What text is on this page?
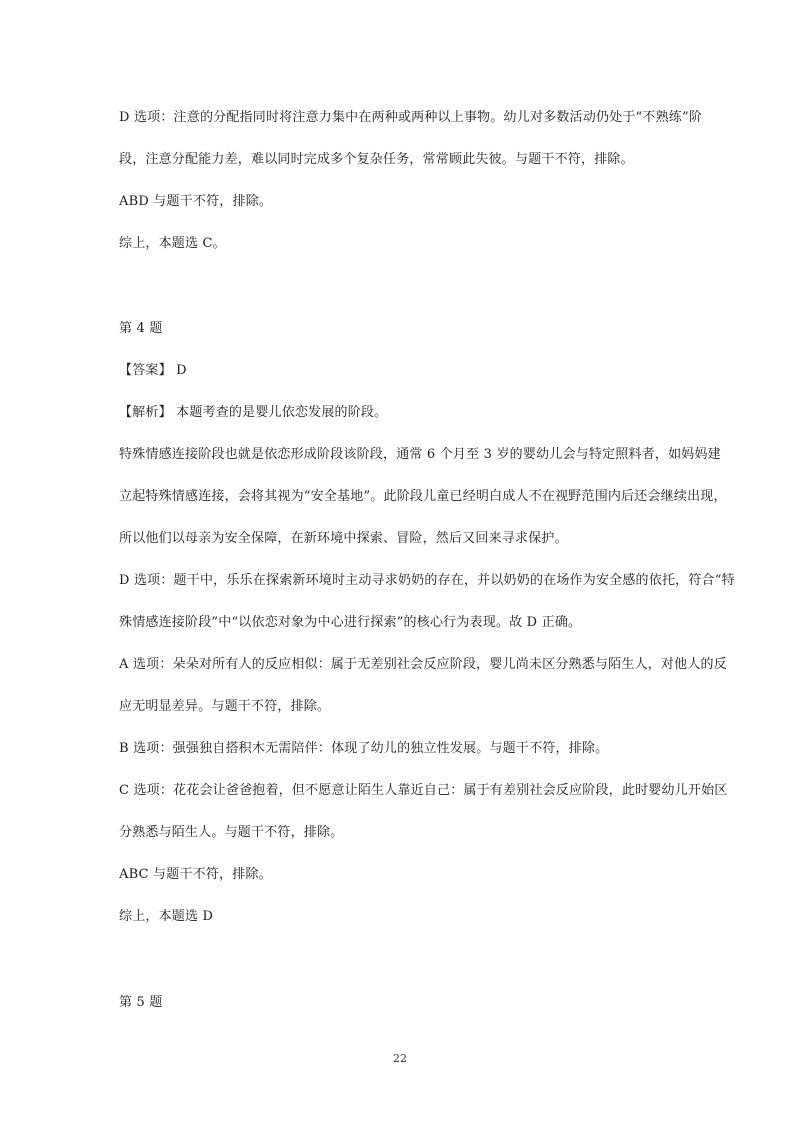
D 选项：注意的分配指同时将注意力集中在两种或两种以上事物。幼儿对多数活动仍处于“不熟练”阶
段，注意分配能力差，难以同时完成多个复杂任务，常常顾此失彼。与题干不符，排除。
ABD 与题干不符，排除。
综上，本题选 C。
第 4 题
【答案】 D
【解析】 本题考查的是婴儿依恋发展的阶段。
特殊情感连接阶段也就是依恋形成阶段该阶段，通常 6 个月至 3 岁的婴幼儿会与特定照料者，如妈妈建
立起特殊情感连接，会将其视为“安全基地”。此阶段儿童已经明白成人不在视野范围内后还会继续出现，
所以他们以母亲为安全保障，在新环境中探索、冒险，然后又回来寻求保护。
D 选项：题干中，乐乐在探索新环境时主动寻求奶奶的存在，并以奶奶的在场作为安全感的依托，符合“特
殊情感连接阶段”中“以依恋对象为中心进行探索”的核心行为表现。故 D 正确。
A 选项：朵朵对所有人的反应相似：属于无差别社会反应阶段，婴儿尚未区分熟悉与陌生人，对他人的反
应无明显差异。与题干不符，排除。
B 选项：强强独自搭积木无需陪伴：体现了幼儿的独立性发展。与题干不符，排除。
C 选项：花花会让爸爸抱着，但不愿意让陌生人靠近自己：属于有差别社会反应阶段，此时婴幼儿开始区
分熟悉与陌生人。与题干不符，排除。
ABC 与题干不符，排除。
综上，本题选 D
第 5 题
22
